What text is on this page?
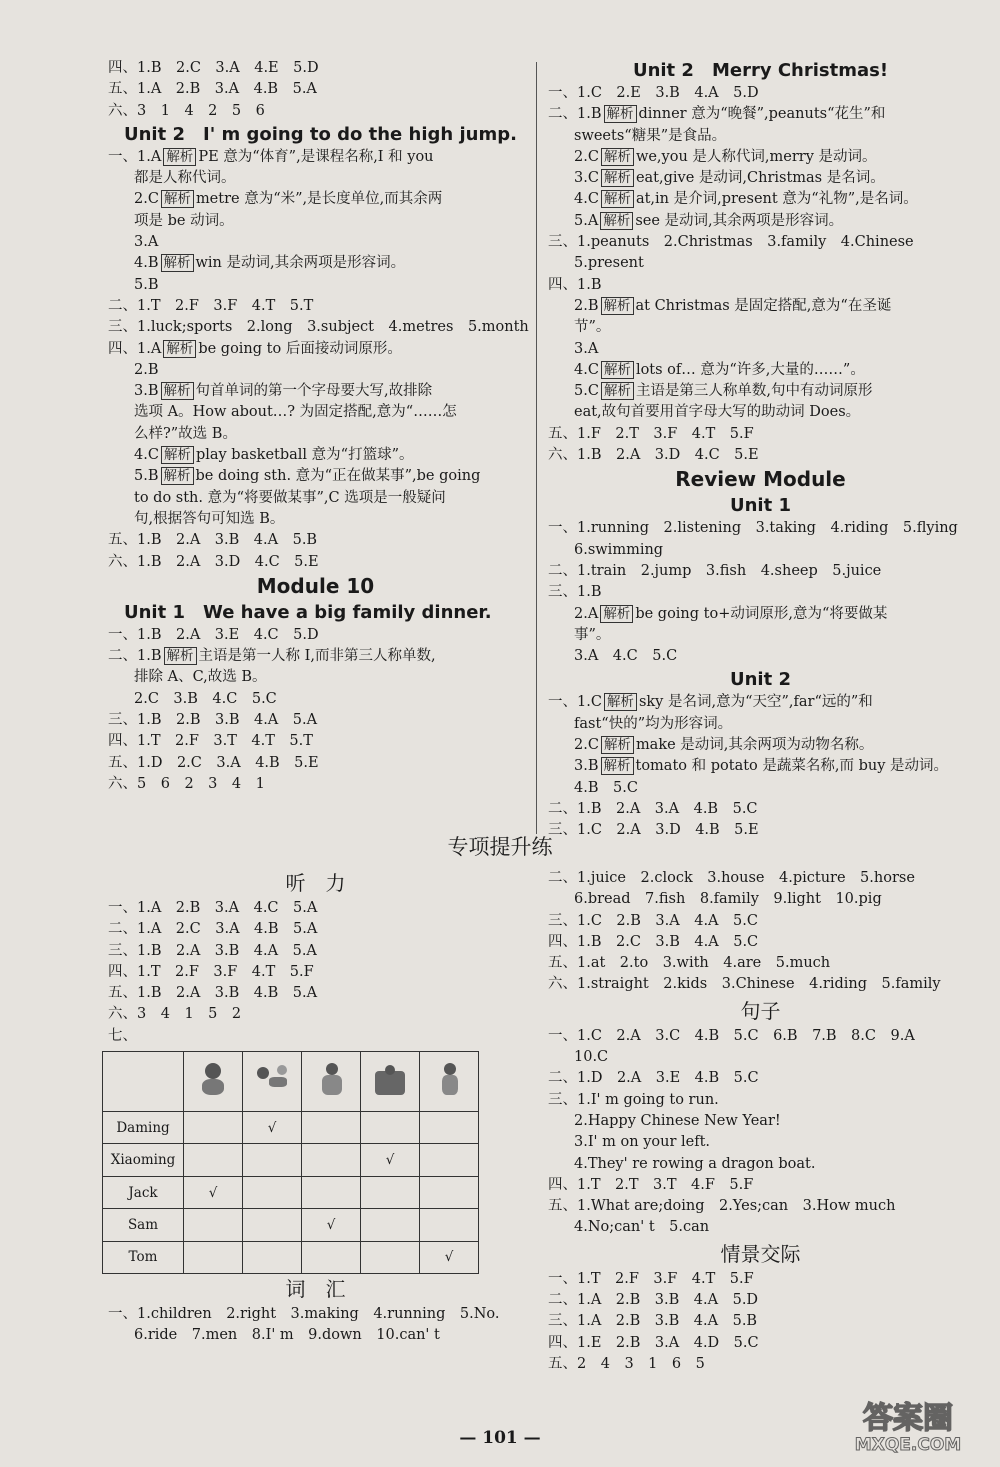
四、1.B　2.C　3.A　4.E　5.D
五、1.A　2.B　3.A　4.B　5.A
六、3　1　4　2　5　6
Unit 2　I' m going to do the high jump.
一、1.A 解析 PE 意为“体育”,是课程名称,I 和 you
都是人称代词。
2.C 解析 metre 意为“米”,是长度单位,而其余两
项是 be 动词。
3.A
4.B 解析 win 是动词,其余两项是形容词。
5.B
二、1.T　2.F　3.F　4.T　5.T
三、1.luck;sports　2.long　3.subject　4.metres　5.month
四、1.A 解析 be going to 后面接动词原形。
2.B
3.B 解析 句首单词的第一个字母要大写,故排除
选项 A。How about…? 为固定搭配,意为“……怎
么样?”故选 B。
4.C 解析 play basketball 意为“打篮球”。
5.B 解析 be doing sth. 意为“正在做某事”,be going
to do sth. 意为“将要做某事”,C 选项是一般疑问
句,根据答句可知选 B。
五、1.B　2.A　3.B　4.A　5.B
六、1.B　2.A　3.D　4.C　5.E
Module 10
Unit 1　We have a big family dinner.
一、1.B　2.A　3.E　4.C　5.D
二、1.B 解析 主语是第一人称 I,而非第三人称单数,
排除 A、C,故选 B。
2.C　3.B　4.C　5.C
三、1.B　2.B　3.B　4.A　5.A
四、1.T　2.F　3.T　4.T　5.T
五、1.D　2.C　3.A　4.B　5.E
六、5　6　2　3　4　1
Unit 2　Merry Christmas!
一、1.C　2.E　3.B　4.A　5.D
二、1.B 解析 dinner 意为“晚餐”,peanuts“花生”和
sweets“糖果”是食品。
2.C 解析 we,you 是人称代词,merry 是动词。
3.C 解析 eat,give 是动词,Christmas 是名词。
4.C 解析 at,in 是介词,present 意为“礼物”,是名词。
5.A 解析 see 是动词,其余两项是形容词。
三、1.peanuts　2.Christmas　3.family　4.Chinese
5.present
四、1.B
2.B 解析 at Christmas 是固定搭配,意为“在圣诞
节”。
3.A
4.C 解析 lots of… 意为“许多,大量的……”。
5.C 解析 主语是第三人称单数,句中有动词原形
eat,故句首要用首字母大写的助动词 Does。
五、1.F　2.T　3.F　4.T　5.F
六、1.B　2.A　3.D　4.C　5.E
Review Module
Unit 1
一、1.running　2.listening　3.taking　4.riding　5.flying
6.swimming
二、1.train　2.jump　3.fish　4.sheep　5.juice
三、1.B
2.A 解析 be going to+动词原形,意为“将要做某
事”。
3.A　4.C　5.C
Unit 2
一、1.C 解析 sky 是名词,意为“天空”,far“远的”和
fast“快的”均为形容词。
2.C 解析 make 是动词,其余两项为动物名称。
3.B 解析 tomato 和 potato 是蔬菜名称,而 buy 是动词。
4.B　5.C
二、1.B　2.A　3.A　4.B　5.C
三、1.C　2.A　3.D　4.B　5.E
专项提升练
听　力
一、1.A　2.B　3.A　4.C　5.A
二、1.A　2.C　3.A　4.B　5.A
三、1.B　2.A　3.B　4.A　5.A
四、1.T　2.F　3.F　4.T　5.F
五、1.B　2.A　3.B　4.B　5.A
六、3　4　1　5　2
七、

Daming		√			
Xiaoming				√	
Jack	√				
Sam			√		
Tom					√
词　汇
一、1.children　2.right　3.making　4.running　5.No.
6.ride　7.men　8.I' m　9.down　10.can' t
二、1.juice　2.clock　3.house　4.picture　5.horse
6.bread　7.fish　8.family　9.light　10.pig
三、1.C　2.B　3.A　4.A　5.C
四、1.B　2.C　3.B　4.A　5.C
五、1.at　2.to　3.with　4.are　5.much
六、1.straight　2.kids　3.Chinese　4.riding　5.family
句子
一、1.C　2.A　3.C　4.B　5.C　6.B　7.B　8.C　9.A
10.C
二、1.D　2.A　3.E　4.B　5.C
三、1.I' m going to run.
2.Happy Chinese New Year!
3.I' m on your left.
4.They' re rowing a dragon boat.
四、1.T　2.T　3.T　4.F　5.F
五、1.What are;doing　2.Yes;can　3.How much
4.No;can' t　5.can
情景交际
一、1.T　2.F　3.F　4.T　5.F
二、1.A　2.B　3.B　4.A　5.D
三、1.A　2.B　3.B　4.A　5.B
四、1.E　2.B　3.A　4.D　5.C
五、2　4　3　1　6　5
— 101 —
答案圈
MXQE.COM
